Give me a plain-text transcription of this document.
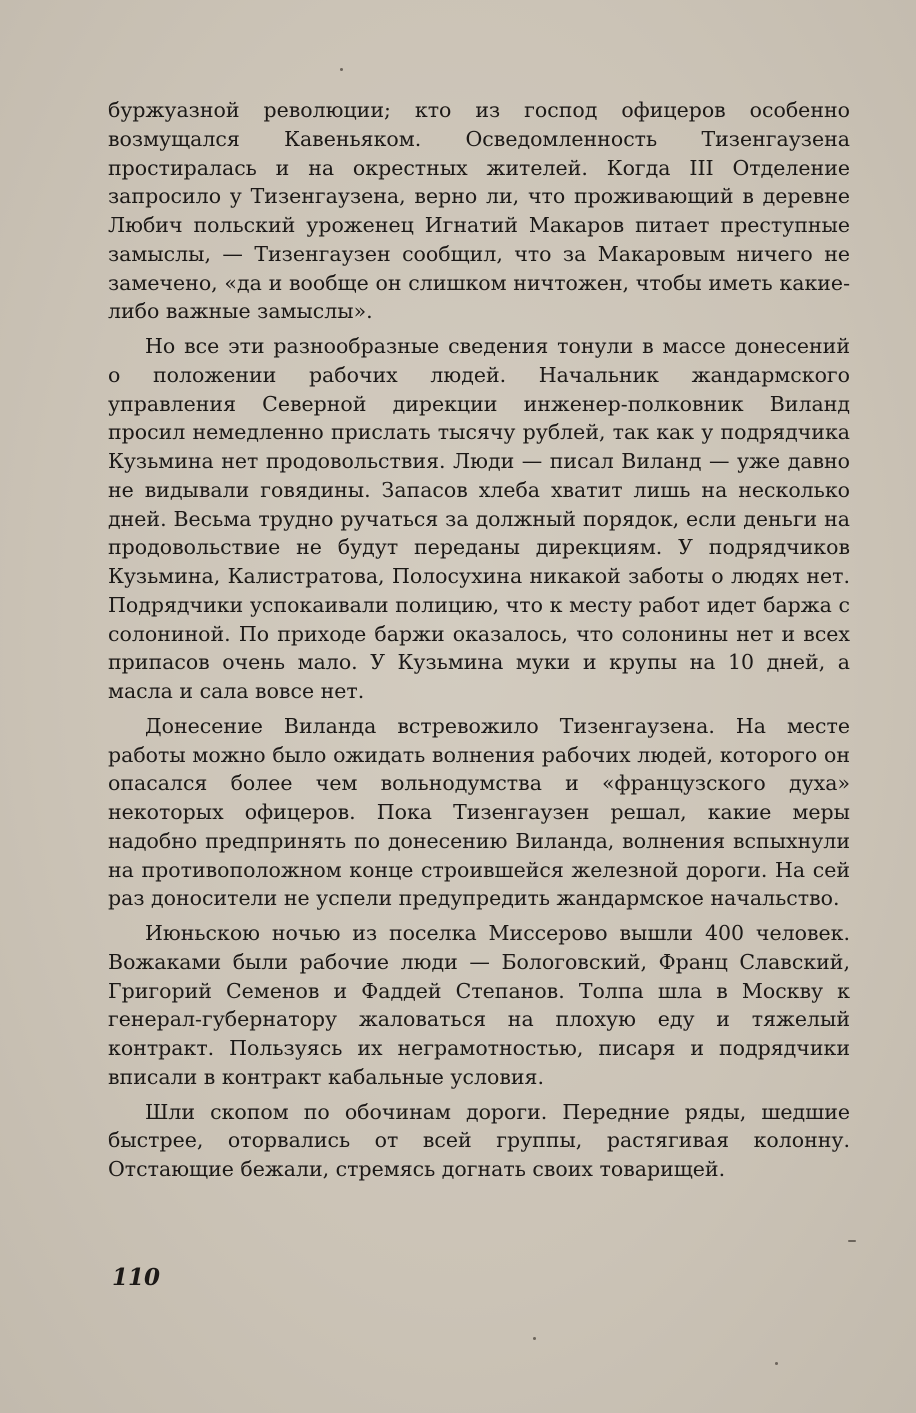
буржуазной революции; кто из господ офицеров особенно возмущался Кавеньяком. Осведомленность Тизенгаузена простиралась и на окрестных жителей. Когда III Отделение запросило у Тизенгаузена, верно ли, что проживающий в деревне Любич польский уроженец Игнатий Макаров питает преступные замыслы, — Тизенгаузен сообщил, что за Макаровым ничего не замечено, «да и вообще он слишком ничтожен, чтобы иметь какие-либо важные замыслы».

Но все эти разнообразные сведения тонули в массе донесений о положении рабочих людей. Начальник жандармского управления Северной дирекции инженер-полковник Виланд просил немедленно прислать тысячу рублей, так как у подрядчика Кузьмина нет продовольствия. Люди — писал Виланд — уже давно не видывали говядины. Запасов хлеба хватит лишь на несколько дней. Весьма трудно ручаться за должный порядок, если деньги на продовольствие не будут переданы дирекциям. У подрядчиков Кузьмина, Калистратова, Полосухина никакой заботы о людях нет. Подрядчики успокаивали полицию, что к месту работ идет баржа с солониной. По приходе баржи оказалось, что солонины нет и всех припасов очень мало. У Кузьмина муки и крупы на 10 дней, а масла и сала вовсе нет.

Донесение Виланда встревожило Тизенгаузена. На месте работы можно было ожидать волнения рабочих людей, которого он опасался более чем вольнодумства и «французского духа» некоторых офицеров. Пока Тизенгаузен решал, какие меры надобно предпринять по донесению Виланда, волнения вспыхнули на противоположном конце строившейся железной дороги. На сей раз доносители не успели предупредить жандармское начальство.

Июньскою ночью из поселка Миссерово вышли 400 человек. Вожаками были рабочие люди — Бологовский, Франц Славский, Григорий Семенов и Фаддей Степанов. Толпа шла в Москву к генерал-губернатору жаловаться на плохую еду и тяжелый контракт. Пользуясь их неграмотностью, писаря и подрядчики вписали в контракт кабальные условия.

Шли скопом по обочинам дороги. Передние ряды, шедшие быстрее, оторвались от всей группы, растягивая колонну. Отстающие бежали, стремясь догнать своих товарищей.

110
